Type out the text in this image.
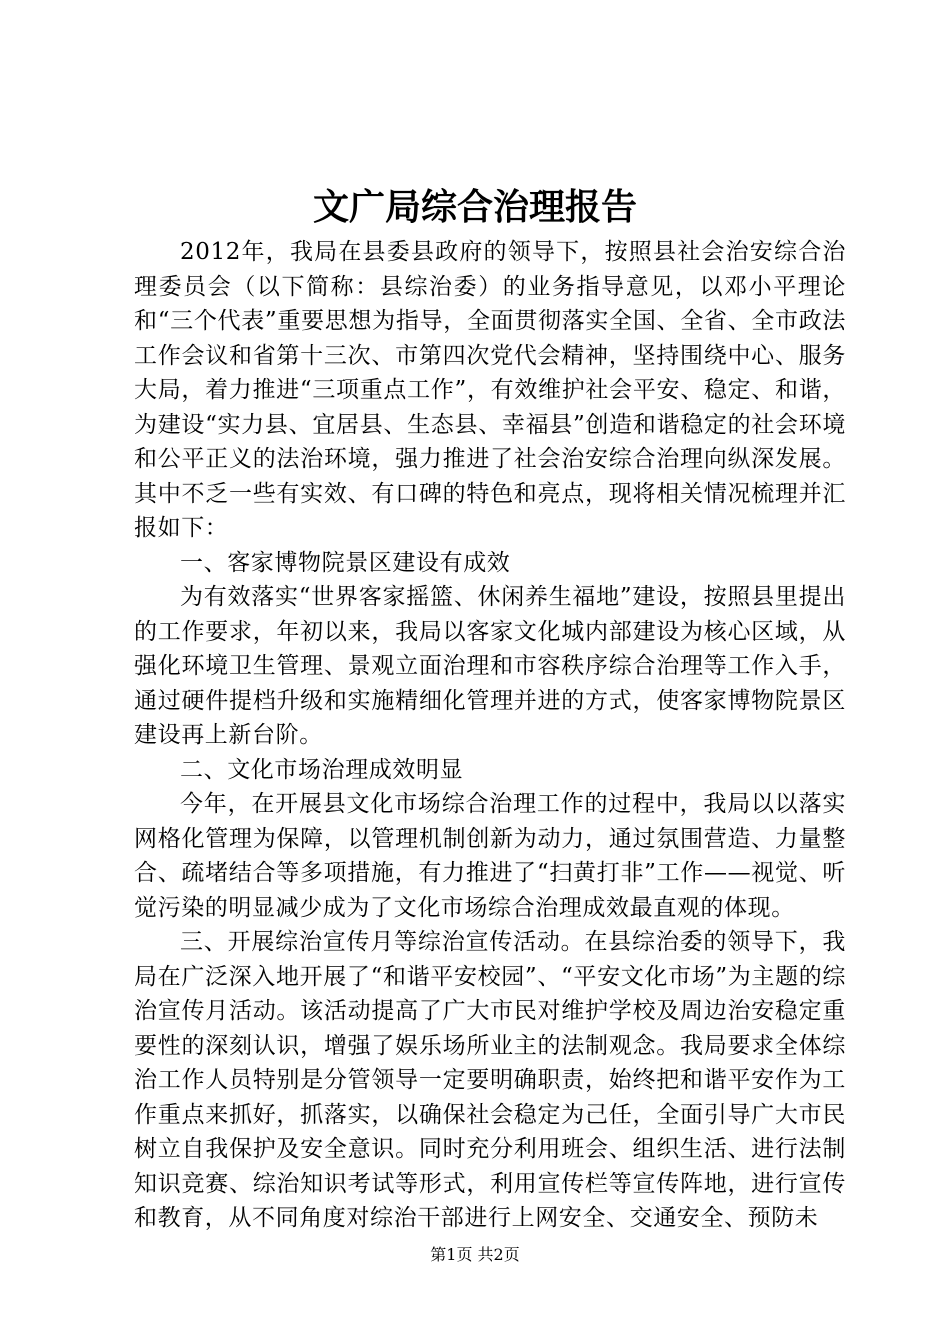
文广局综合治理报告

2012年，我局在县委县政府的领导下，按照县社会治安综合治理委员会（以下简称：县综治委）的业务指导意见，以邓小平理论和“三个代表”重要思想为指导，全面贯彻落实全国、全省、全市政法工作会议和省第十三次、市第四次党代会精神，坚持围绕中心、服务大局，着力推进“三项重点工作”，有效维护社会平安、稳定、和谐，为建设“实力县、宜居县、生态县、幸福县”创造和谐稳定的社会环境和公平正义的法治环境，强力推进了社会治安综合治理向纵深发展。其中不乏一些有实效、有口碑的特色和亮点，现将相关情况梳理并汇报如下：

一、客家博物院景区建设有成效

为有效落实“世界客家摇篮、休闲养生福地”建设，按照县里提出的工作要求，年初以来，我局以客家文化城内部建设为核心区域，从强化环境卫生管理、景观立面治理和市容秩序综合治理等工作入手，通过硬件提档升级和实施精细化管理并进的方式，使客家博物院景区建设再上新台阶。

二、文化市场治理成效明显

今年，在开展县文化市场综合治理工作的过程中，我局以以落实网格化管理为保障，以管理机制创新为动力，通过氛围营造、力量整合、疏堵结合等多项措施，有力推进了“扫黄打非”工作——视觉、听觉污染的明显减少成为了文化市场综合治理成效最直观的体现。

三、开展综治宣传月等综治宣传活动。在县综治委的领导下，我局在广泛深入地开展了“和谐平安校园”、“平安文化市场”为主题的综治宣传月活动。该活动提高了广大市民对维护学校及周边治安稳定重要性的深刻认识，增强了娱乐场所业主的法制观念。我局要求全体综治工作人员特别是分管领导一定要明确职责，始终把和谐平安作为工作重点来抓好，抓落实，以确保社会稳定为己任，全面引导广大市民树立自我保护及安全意识。同时充分利用班会、组织生活、进行法制知识竞赛、综治知识考试等形式，利用宣传栏等宣传阵地，进行宣传和教育，从不同角度对综治干部进行上网安全、交通安全、预防未

第1页 共2页
